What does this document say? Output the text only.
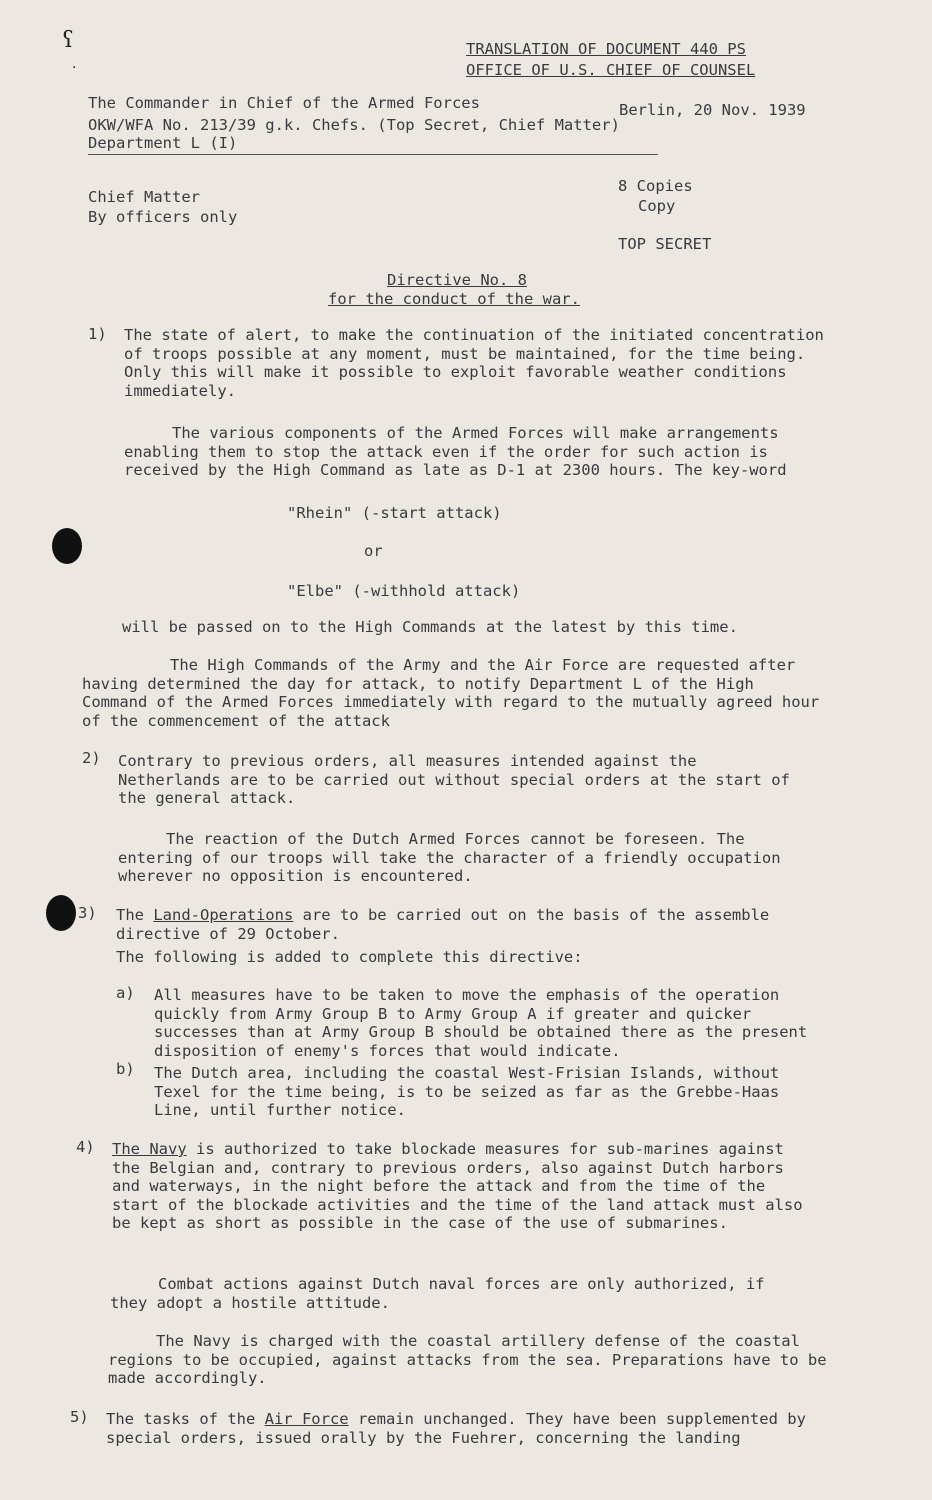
ʕ
·
TRANSLATION OF DOCUMENT 440 PS
OFFICE OF U.S. CHIEF OF COUNSEL
The Commander in Chief of the Armed Forces	Berlin, 20 Nov. 1939
OKW/WFA No. 213/39 g.k. Chefs. (Top Secret, Chief Matter)
Department L (I)
8 Copies
Chief Matter	Copy
By officers only
TOP SECRET
Directive No. 8
for the conduct of the war.
1) The state of alert, to make the continuation of the initiated concentration of troops possible at any moment, must be maintained, for the time being. Only this will make it possible to exploit favorable weather conditions immediately.
The various components of the Armed Forces will make arrangements enabling them to stop the attack even if the order for such action is received by the High Command as late as D-1 at 2300 hours. The key-word
"Rhein" (-start attack)
or
"Elbe" (-withhold attack)
will be passed on to the High Commands at the latest by this time.
The High Commands of the Army and the Air Force are requested after having determined the day for attack, to notify Department L of the High Command of the Armed Forces immediately with regard to the mutually agreed hour of the commencement of the attack
2) Contrary to previous orders, all measures intended against the Netherlands are to be carried out without special orders at the start of the general attack.
The reaction of the Dutch Armed Forces cannot be foreseen. The entering of our troops will take the character of a friendly occupation wherever no opposition is encountered.
3) The Land-Operations are to be carried out on the basis of the assemble directive of 29 October.
The following is added to complete this directive:
a) All measures have to be taken to move the emphasis of the operation quickly from Army Group B to Army Group A if greater and quicker successes than at Army Group B should be obtained there as the present disposition of enemy's forces that would indicate.
b) The Dutch area, including the coastal West-Frisian Islands, without Texel for the time being, is to be seized as far as the Grebbe-Haas Line, until further notice.
4) The Navy is authorized to take blockade measures for sub-marines against the Belgian and, contrary to previous orders, also against Dutch harbors and waterways, in the night before the attack and from the time of the start of the blockade activities and the time of the land attack must also be kept as short as possible in the case of the use of submarines.
Combat actions against Dutch naval forces are only authorized, if they adopt a hostile attitude.
The Navy is charged with the coastal artillery defense of the coastal regions to be occupied, against attacks from the sea. Preparations have to be made accordingly.
5) The tasks of the Air Force remain unchanged. They have been supplemented by special orders, issued orally by the Fuehrer, concerning the landing
